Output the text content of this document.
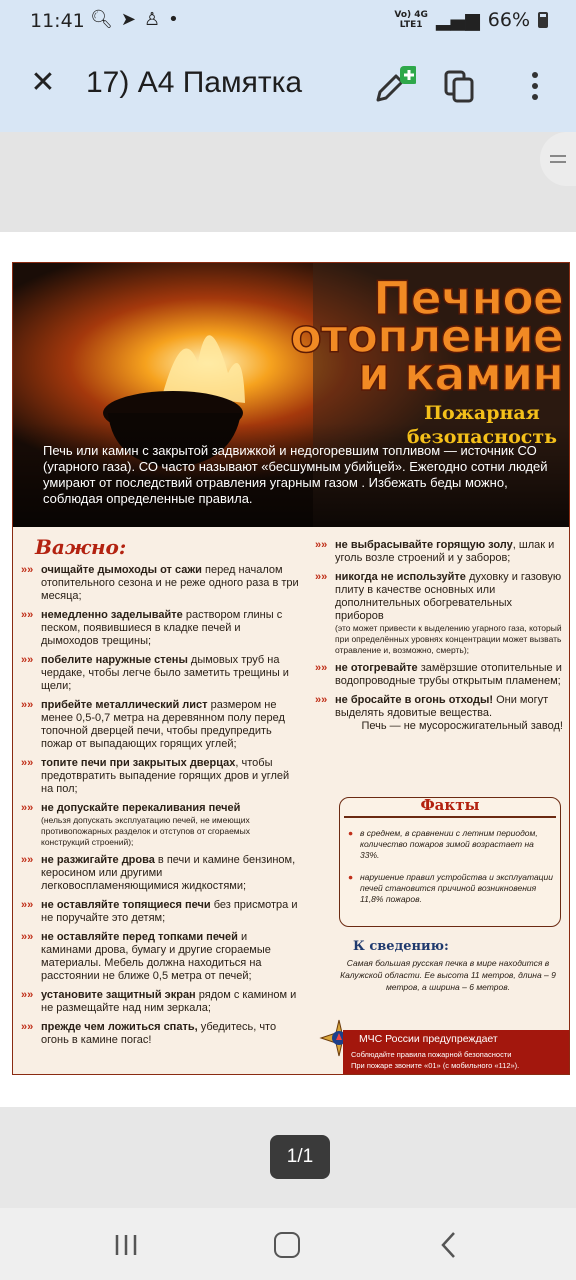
11:41 🔍︎ ➤ ♙ •	Vo) 4G
LTE1 ▂▄▆ 66%
✕ 17) А4 Памятка
Печное
отопление
и камин
Пожарная
безопасность
Печь или камин с закрытой задвижкой и недогоревшим топливом — источник СО (угарного газа). СО часто называют «бесшумным убийцей». Ежегодно сотни людей умирают от последствий отравления угарным газом . Избежать беды можно, соблюдая определенные правила.
Важно:
»» очищайте дымоходы от сажи перед началом отопительного сезона и не реже одного раза в три месяца;
»» немедленно заделывайте раствором глины с песком, появившиеся в кладке печей и дымоходов трещины;
»» побелите наружные стены дымовых труб на чердаке, чтобы легче было заметить трещины и щели;
»» прибейте металлический лист размером не менее 0,5-0,7 метра на деревянном полу перед топочной дверцей печи, чтобы предупредить пожар от выпадающих горящих углей;
»» топите печи при закрытых дверцах, чтобы предотвратить выпадение горящих дров и углей на пол;
»» не допускайте перекаливания печей
(нельзя допускать эксплуатацию печей, не имеющих противопожарных разделок и отступов от сгораемых конструкций строений);
»» не разжигайте дрова в печи и камине бензином, керосином или другими легковоспламеняющимися жидкостями;
»» не оставляйте топящиеся печи без присмотра и не поручайте это детям;
»» не оставляйте перед топками печей и каминами дрова, бумагу и другие сгораемые материалы. Мебель должна находиться на расстоянии не ближе 0,5 метра от печей;
»» установите защитный экран рядом с камином и не размещайте над ним зеркала;
»» прежде чем ложиться спать, убедитесь, что огонь в камине погас!
»» не выбрасывайте горящую золу, шлак и уголь возле строений и у заборов;
»» никогда не используйте духовку и газовую плиту в качестве основных или дополнительных обогревательных приборов
(это может привести к выделению угарного газа, который при определённых уровнях концентрации может вызвать отравление и, возможно, смерть);
»» не отогревайте замёрзшие отопительные и водопроводные трубы открытым пламенем;
»» не бросайте в огонь отходы! Они могут выделять ядовитые вещества.
Печь — не мусоросжигательный завод!
Факты
● в среднем, в сравнении с летним периодом, количество пожаров зимой возрастает на 33%.
● нарушение правил устройства и эксплуатации печей становится причиной возникновения 11,8% пожаров.
К сведению:
Самая большая русская печка в мире находится в Калужской области. Ее высота 11 метров, длина – 9 метров, а ширина – 6 метров.
МЧС России предупреждает
Соблюдайте правила пожарной безопасности
При пожаре звоните «01» (с мобильного «112»).
1/1
